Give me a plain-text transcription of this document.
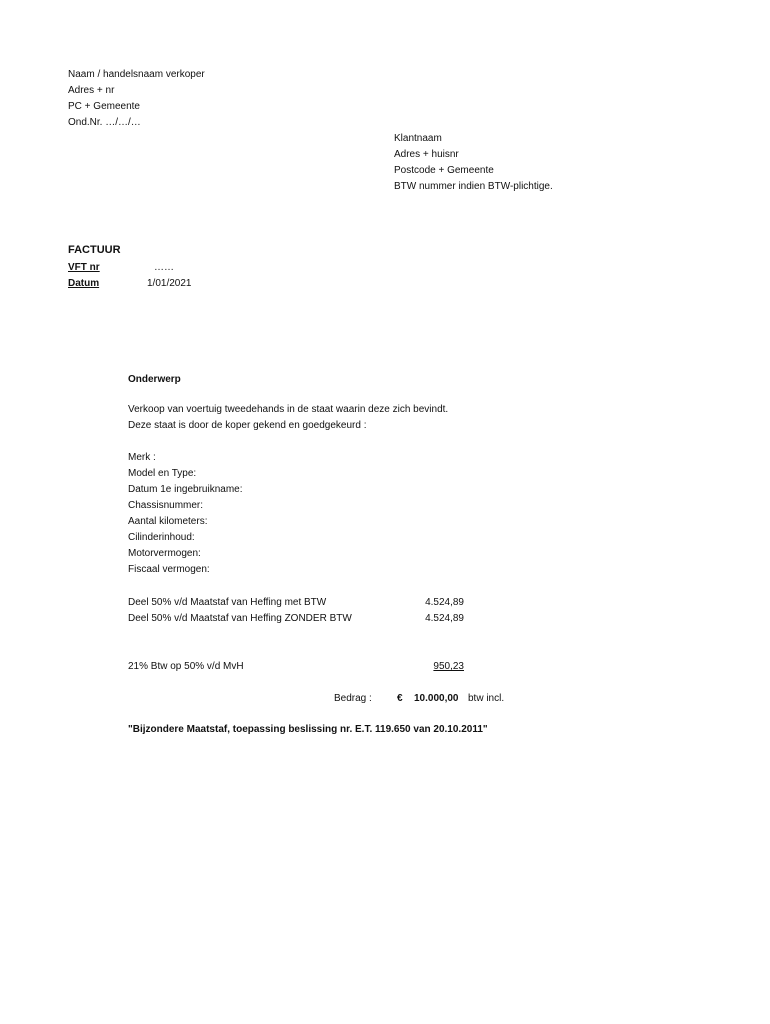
Naam / handelsnaam verkoper
Adres + nr
PC + Gemeente
Ond.Nr. …/…/…
Klantnaam
Adres + huisnr
Postcode + Gemeente
BTW nummer indien BTW-plichtige.
FACTUUR
VFT nr	……
Datum	1/01/2021
Onderwerp
Verkoop van voertuig tweedehands in de staat waarin deze zich bevindt.
Deze staat is door de koper gekend en goedgekeurd :
Merk :
Model en Type:
Datum 1e ingebruikname:
Chassisnummer:
Aantal kilometers:
Cilinderinhoud:
Motorvermogen:
Fiscaal vermogen:
Deel 50% v/d Maatstaf van Heffing met BTW	4.524,89
Deel 50% v/d Maatstaf van Heffing ZONDER BTW	4.524,89
21% Btw op 50% v/d MvH	950,23
Bedrag :	€ 10.000,00 btw incl.
"Bijzondere Maatstaf, toepassing beslissing nr. E.T. 119.650 van 20.10.2011"
